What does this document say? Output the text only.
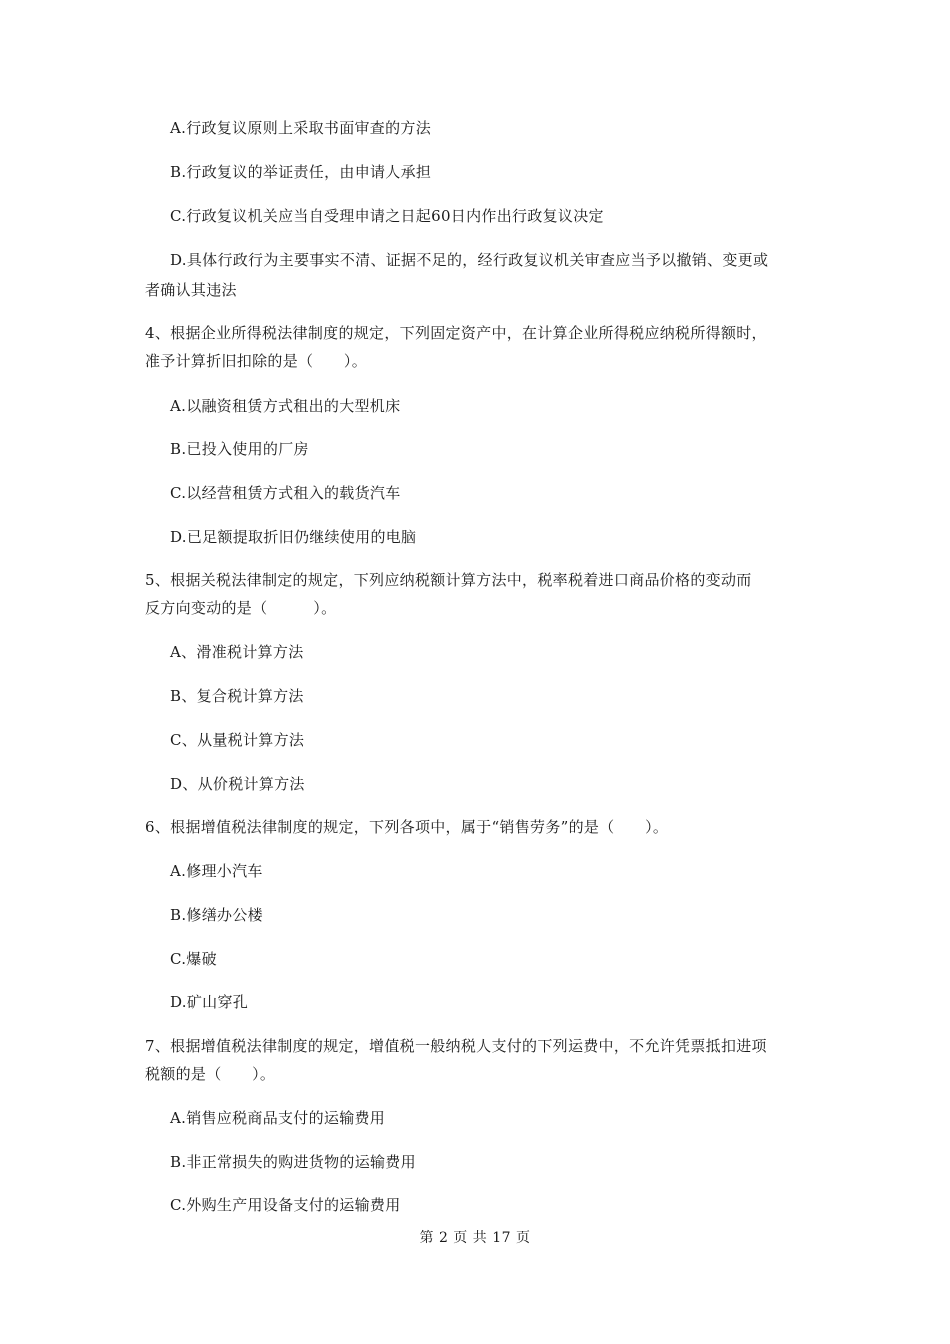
A.行政复议原则上采取书面审查的方法
B.行政复议的举证责任，由申请人承担
C.行政复议机关应当自受理申请之日起60日内作出行政复议决定
D.具体行政行为主要事实不清、证据不足的，经行政复议机关审查应当予以撤销、变更或
者确认其违法
4、根据企业所得税法律制度的规定，下列固定资产中，在计算企业所得税应纳税所得额时，
准予计算折旧扣除的是（　　）。
A.以融资租赁方式租出的大型机床
B.已投入使用的厂房
C.以经营租赁方式租入的载货汽车
D.已足额提取折旧仍继续使用的电脑
5、根据关税法律制定的规定，下列应纳税额计算方法中，税率税着进口商品价格的变动而
反方向变动的是（　　　）。
A、滑准税计算方法
B、复合税计算方法
C、从量税计算方法
D、从价税计算方法
6、根据增值税法律制度的规定，下列各项中，属于“销售劳务”的是（　　）。
A.修理小汽车
B.修缮办公楼
C.爆破
D.矿山穿孔
7、根据增值税法律制度的规定，增值税一般纳税人支付的下列运费中，不允许凭票抵扣进项
税额的是（　　）。
A.销售应税商品支付的运输费用
B.非正常损失的购进货物的运输费用
C.外购生产用设备支付的运输费用
第 2 页 共 17 页
